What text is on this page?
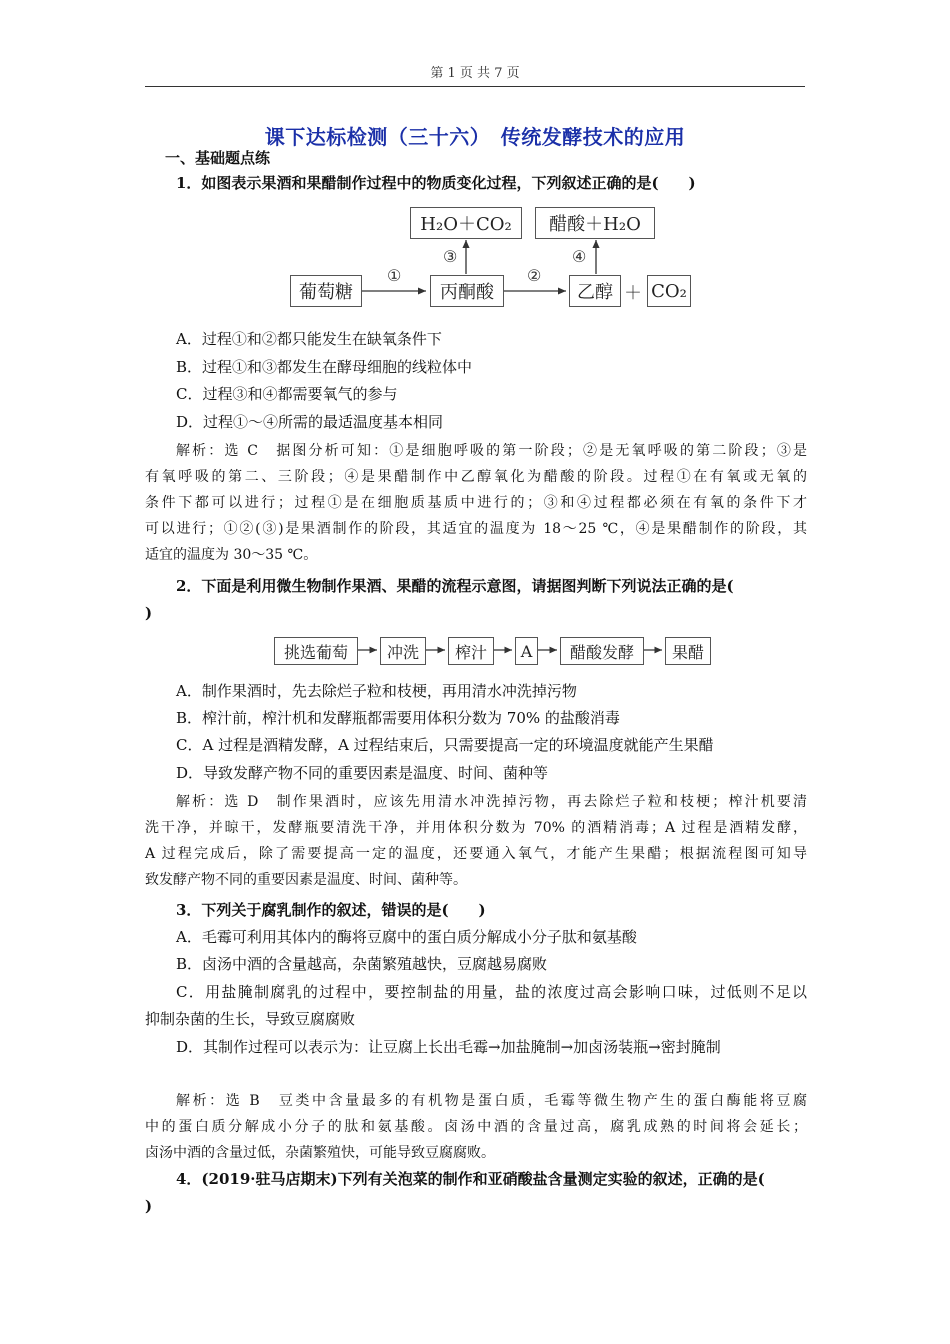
第 1 页 共 7 页
课下达标检测（三十六）　传统发酵技术的应用
一、基础题点练
1．如图表示果酒和果醋制作过程中的物质变化过程，下列叙述正确的是(　　)
H₂O＋CO₂	醋酸＋H₂O
葡萄糖	丙酮酸	乙醇 ＋ CO₂
①	②
③	④
A．过程①和②都只能发生在缺氧条件下
B．过程①和③都发生在酵母细胞的线粒体中
C．过程③和④都需要氧气的参与
D．过程①～④所需的最适温度基本相同
解析：选 C　据图分析可知：①是细胞呼吸的第一阶段；②是无氧呼吸的第二阶段；③是
有氧呼吸的第二、三阶段；④是果醋制作中乙醇氧化为醋酸的阶段。过程①在有氧或无氧的
条件下都可以进行；过程①是在细胞质基质中进行的；③和④过程都必须在有氧的条件下才
可以进行；①②(③)是果酒制作的阶段，其适宜的温度为 18～25 ℃，④是果醋制作的阶段，其
适宜的温度为 30～35 ℃。
2．下面是利用微生物制作果酒、果醋的流程示意图，请据图判断下列说法正确的是(
)
挑选葡萄	冲洗	榨汁	A	醋酸发酵	果醋
A．制作果酒时，先去除烂子粒和枝梗，再用清水冲洗掉污物
B．榨汁前，榨汁机和发酵瓶都需要用体积分数为 70% 的盐酸消毒
C．A 过程是酒精发酵，A 过程结束后，只需要提高一定的环境温度就能产生果醋
D．导致发酵产物不同的重要因素是温度、时间、菌种等
解析：选 D　制作果酒时，应该先用清水冲洗掉污物，再去除烂子粒和枝梗；榨汁机要清
洗干净，并晾干，发酵瓶要清洗干净，并用体积分数为 70% 的酒精消毒；A 过程是酒精发酵，
A 过程完成后，除了需要提高一定的温度，还要通入氧气，才能产生果醋；根据流程图可知导
致发酵产物不同的重要因素是温度、时间、菌种等。
3．下列关于腐乳制作的叙述，错误的是(　　)
A．毛霉可利用其体内的酶将豆腐中的蛋白质分解成小分子肽和氨基酸
B．卤汤中酒的含量越高，杂菌繁殖越快，豆腐越易腐败
C．用盐腌制腐乳的过程中，要控制盐的用量，盐的浓度过高会影响口味，过低则不足以
抑制杂菌的生长，导致豆腐腐败
D．其制作过程可以表示为：让豆腐上长出毛霉→加盐腌制→加卤汤装瓶→密封腌制
解析：选 B　豆类中含量最多的有机物是蛋白质，毛霉等微生物产生的蛋白酶能将豆腐
中的蛋白质分解成小分子的肽和氨基酸。卤汤中酒的含量过高，腐乳成熟的时间将会延长；
卤汤中酒的含量过低，杂菌繁殖快，可能导致豆腐腐败。
4．(2019·驻马店期末)下列有关泡菜的制作和亚硝酸盐含量测定实验的叙述，正确的是(
)
